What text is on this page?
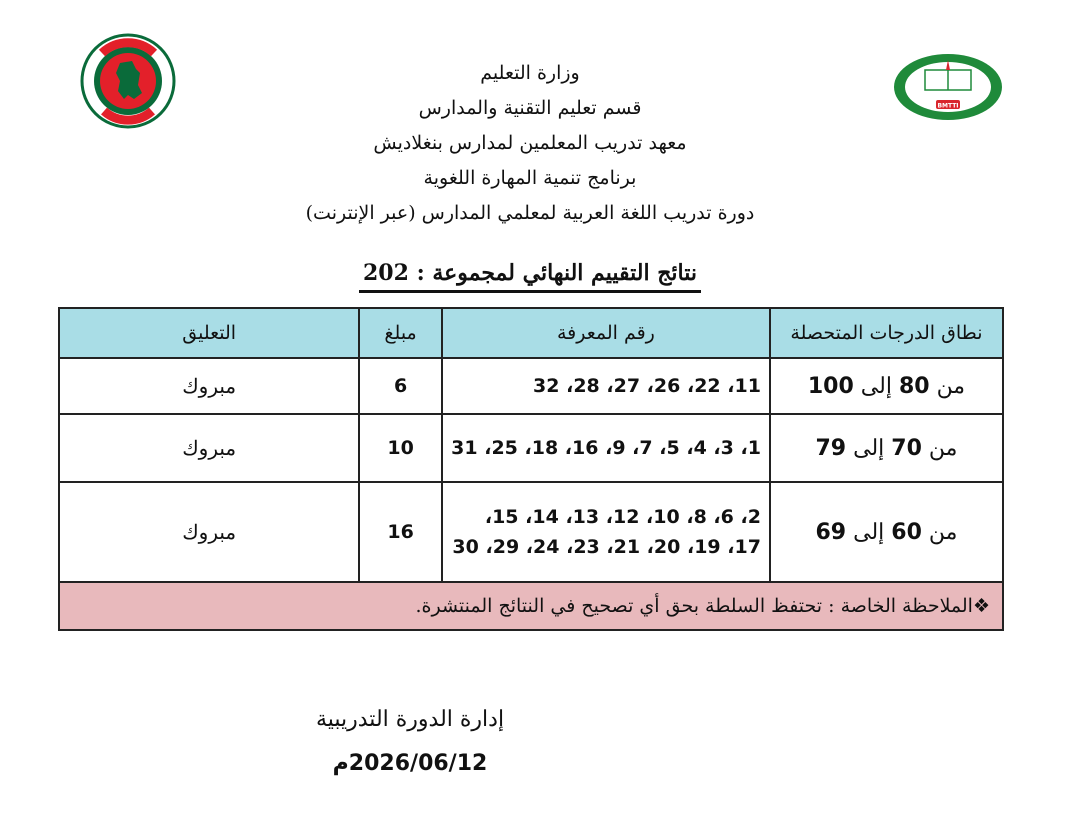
BMTTI
وزارة التعليم
قسم تعليم التقنية والمدارس
معهد تدريب المعلمين لمدارس بنغلاديش
برنامج تنمية المهارة اللغوية
دورة تدريب اللغة العربية لمعلمي المدارس (عبر الإنترنت)
نتائج التقييم النهائي لمجموعة : 202
نطاق الدرجات المتحصلة	رقم المعرفة	مبلغ	التعليق
من 80 إلى 100	11، 22، 26، 27، 28، 32	6	مبروك
من 70 إلى 79	1، 3، 4، 5، 7، 9، 16، 18، 25، 31	10	مبروك
من 60 إلى 69	2، 6، 8، 10، 12، 13، 14، 15، 17، 19، 20، 21، 23، 24، 29، 30	16	مبروك
❖الملاحظة الخاصة : تحتفظ السلطة بحق أي تصحيح في النتائج المنتشرة.			
إدارة الدورة التدريبية
2026/06/12م
